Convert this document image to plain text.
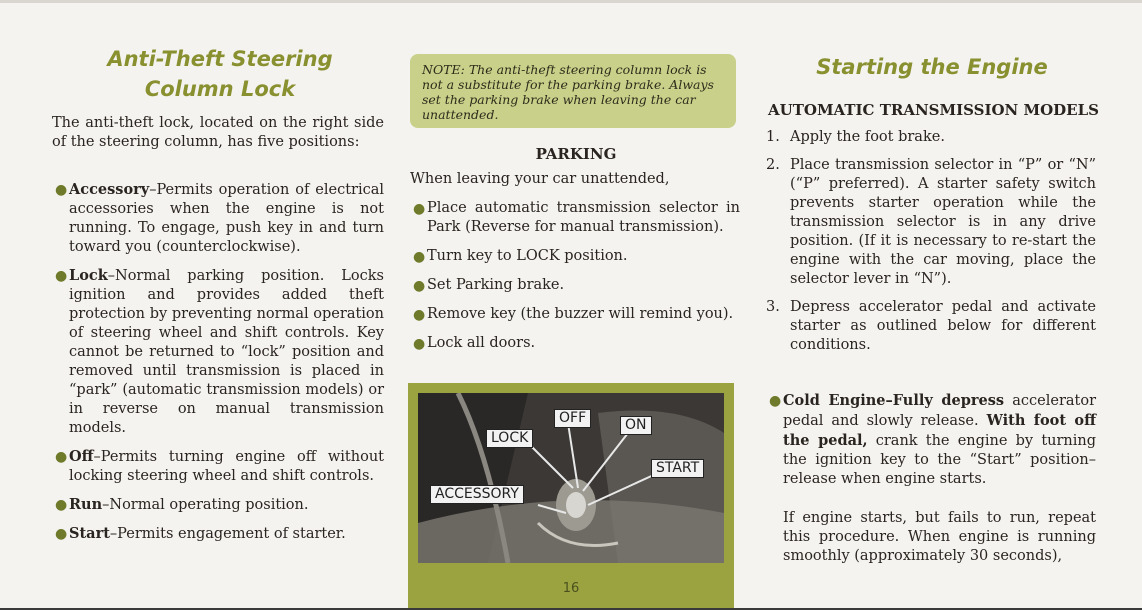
Anti-Theft Steering

Column Lock

The anti-theft lock, located on the right side of the steering column, has five positions:

● Accessory–Permits operation of electrical accessories when the engine is not running. To engage, push key in and turn toward you (counterclockwise).
● Lock–Normal parking position. Locks ignition and provides added theft protection by preventing normal operation of steering wheel and shift controls. Key cannot be returned to “lock” position and removed until transmission is placed in “park” (automatic transmission models) or in reverse on manual transmission models.
● Off–Permits turning engine off without locking steering wheel and shift controls.
● Run–Normal operating position.
● Start–Permits engagement of starter.
NOTE: The anti-theft steering column lock is not a substitute for the parking brake. Always set the parking brake when leaving the car unattended.

PARKING

When leaving your car unattended,

● Place automatic transmission selector in Park (Reverse for manual transmission).
● Turn key to LOCK position.
● Set Parking brake.
● Remove key (the buzzer will remind you).
● Lock all doors.
LOCK
OFF	ON
START
ACCESSORY
16

Starting the Engine

AUTOMATIC TRANSMISSION MODELS

1. Apply the foot brake.
2. Place transmission selector in “P” or “N” (“P” preferred). A starter safety switch prevents starter operation while the transmission selector is in any drive position. (If it is necessary to re-start the engine with the car moving, place the selector lever in “N”).
3. Depress accelerator pedal and activate starter as outlined below for different conditions.
● Cold Engine–Fully depress accelerator pedal and slowly release. With foot off the pedal, crank the engine by turning the ignition key to the “Start” position–release when engine starts.

If engine starts, but fails to run, repeat this procedure. When engine is running smoothly (approximately 30 seconds),
